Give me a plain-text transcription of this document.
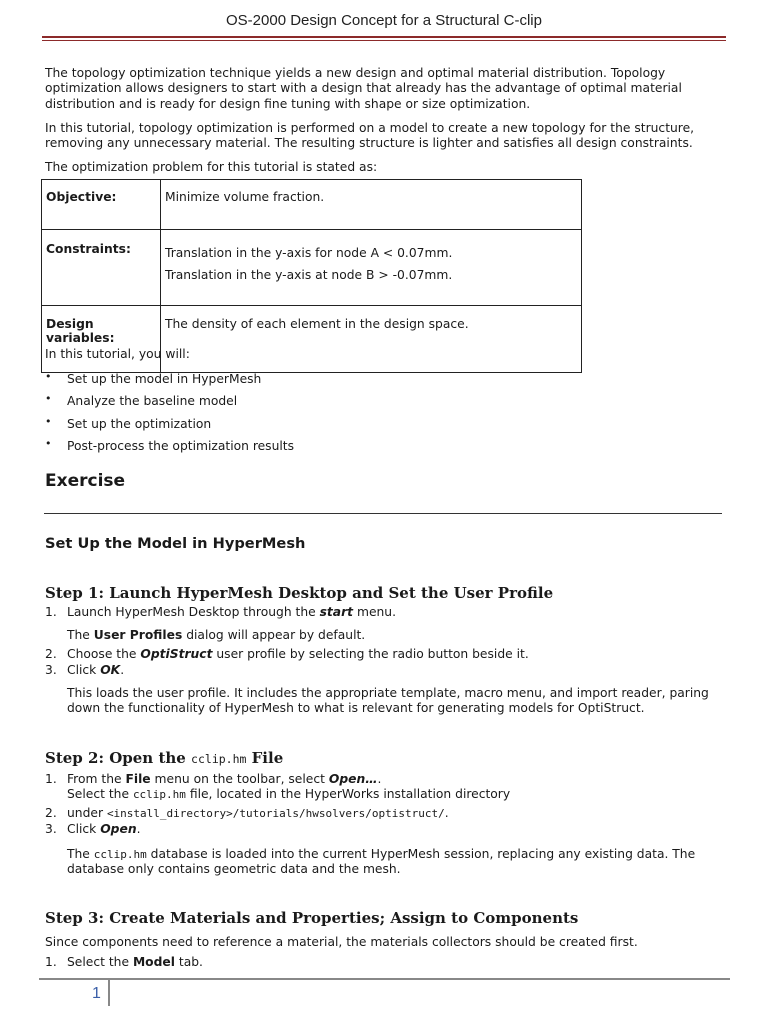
OS-2000 Design Concept for a Structural C-clip
The topology optimization technique yields a new design and optimal material distribution. Topology optimization allows designers to start with a design that already has the advantage of optimal material distribution and is ready for design fine tuning with shape or size optimization.
In this tutorial, topology optimization is performed on a model to create a new topology for the structure, removing any unnecessary material. The resulting structure is lighter and satisfies all design constraints.
The optimization problem for this tutorial is stated as:
Objective:	Minimize volume fraction.
Constraints:	Translation in the y-axis for node A < 0.07mm.
Translation in the y-axis at node B > -0.07mm.

Design
variables:	The density of each element in the design space.
In this tutorial, you will:
• Set up the model in HyperMesh
• Analyze the baseline model
• Set up the optimization
• Post-process the optimization results
Exercise
Set Up the Model in HyperMesh
Step 1: Launch HyperMesh Desktop and Set the User Profile
1. Launch HyperMesh Desktop through the start menu.
The User Profiles dialog will appear by default.
2. Choose the OptiStruct user profile by selecting the radio button beside it.
3. Click OK.
This loads the user profile. It includes the appropriate template, macro menu, and import reader, paring down the functionality of HyperMesh to what is relevant for generating models for OptiStruct.
Step 2: Open the cclip.hm File
1. From the File menu on the toolbar, select Open….
Select the cclip.hm file, located in the HyperWorks installation directory
2. under <install_directory>/tutorials/hwsolvers/optistruct/.
3. Click Open.
The cclip.hm database is loaded into the current HyperMesh session, replacing any existing data. The database only contains geometric data and the mesh.
Step 3: Create Materials and Properties; Assign to Components
Since components need to reference a material, the materials collectors should be created first.
1. Select the Model tab.
1
